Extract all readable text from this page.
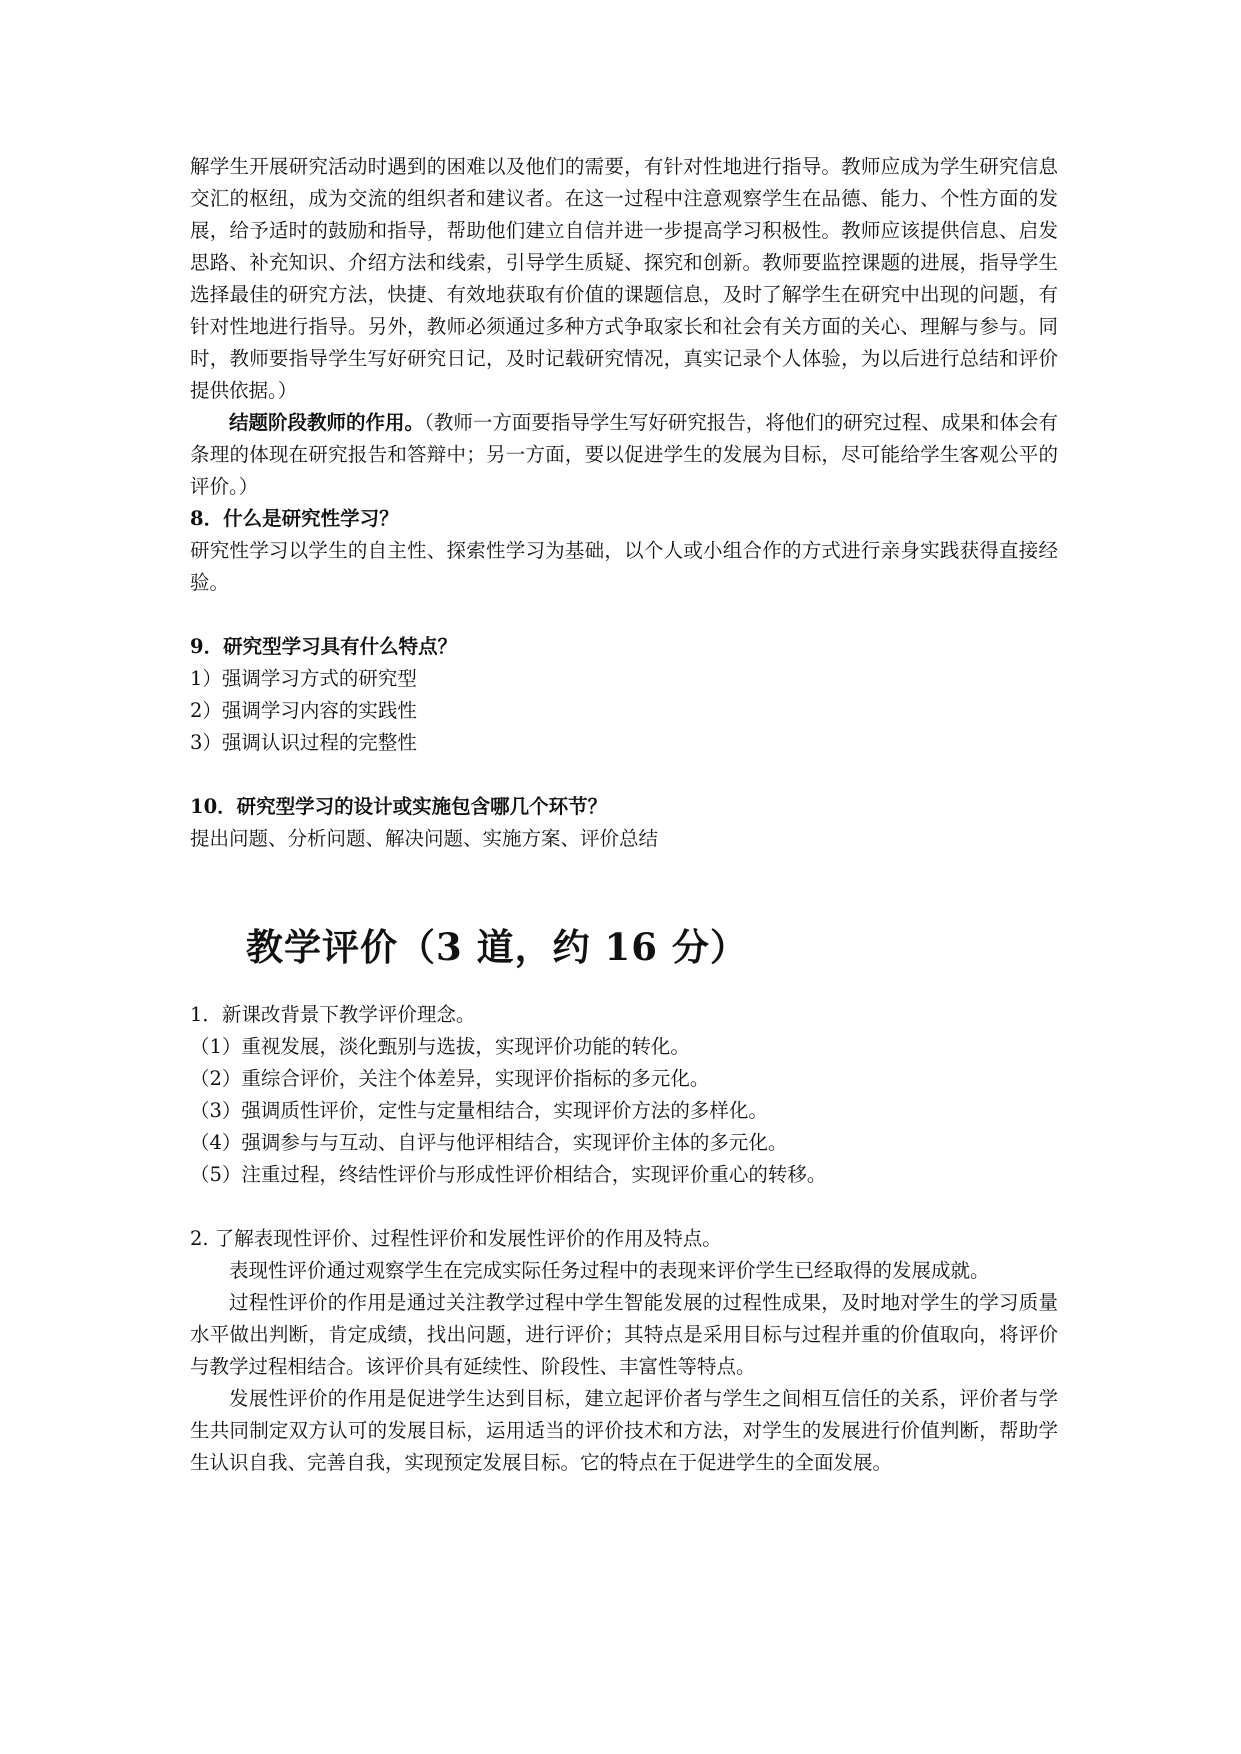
解学生开展研究活动时遇到的困难以及他们的需要，有针对性地进行指导。教师应成为学生研究信息交汇的枢纽，成为交流的组织者和建议者。在这一过程中注意观察学生在品德、能力、个性方面的发展，给予适时的鼓励和指导，帮助他们建立自信并进一步提高学习积极性。教师应该提供信息、启发思路、补充知识、介绍方法和线索，引导学生质疑、探究和创新。教师要监控课题的进展，指导学生选择最佳的研究方法，快捷、有效地获取有价值的课题信息，及时了解学生在研究中出现的问题，有针对性地进行指导。另外，教师必须通过多种方式争取家长和社会有关方面的关心、理解与参与。同时，教师要指导学生写好研究日记，及时记载研究情况，真实记录个人体验，为以后进行总结和评价提供依据。）

结题阶段教师的作用。（教师一方面要指导学生写好研究报告，将他们的研究过程、成果和体会有条理的体现在研究报告和答辩中；另一方面，要以促进学生的发展为目标，尽可能给学生客观公平的评价。）

8．什么是研究性学习？

研究性学习以学生的自主性、探索性学习为基础，以个人或小组合作的方式进行亲身实践获得直接经验。

9．研究型学习具有什么特点？

1）强调学习方式的研究型

2）强调学习内容的实践性

3）强调认识过程的完整性

10．研究型学习的设计或实施包含哪几个环节？

提出问题、分析问题、解决问题、实施方案、评价总结

教学评价（3 道，约 16 分）

1．新课改背景下教学评价理念。

（1）重视发展，淡化甄别与选拔，实现评价功能的转化。

（2）重综合评价，关注个体差异，实现评价指标的多元化。

（3）强调质性评价，定性与定量相结合，实现评价方法的多样化。

（4）强调参与与互动、自评与他评相结合，实现评价主体的多元化。

（5）注重过程，终结性评价与形成性评价相结合，实现评价重心的转移。

2. 了解表现性评价、过程性评价和发展性评价的作用及特点。

表现性评价通过观察学生在完成实际任务过程中的表现来评价学生已经取得的发展成就。

过程性评价的作用是通过关注教学过程中学生智能发展的过程性成果，及时地对学生的学习质量水平做出判断，肯定成绩，找出问题，进行评价；其特点是采用目标与过程并重的价值取向，将评价与教学过程相结合。该评价具有延续性、阶段性、丰富性等特点。

发展性评价的作用是促进学生达到目标，建立起评价者与学生之间相互信任的关系，评价者与学生共同制定双方认可的发展目标，运用适当的评价技术和方法，对学生的发展进行价值判断，帮助学生认识自我、完善自我，实现预定发展目标。它的特点在于促进学生的全面发展。
